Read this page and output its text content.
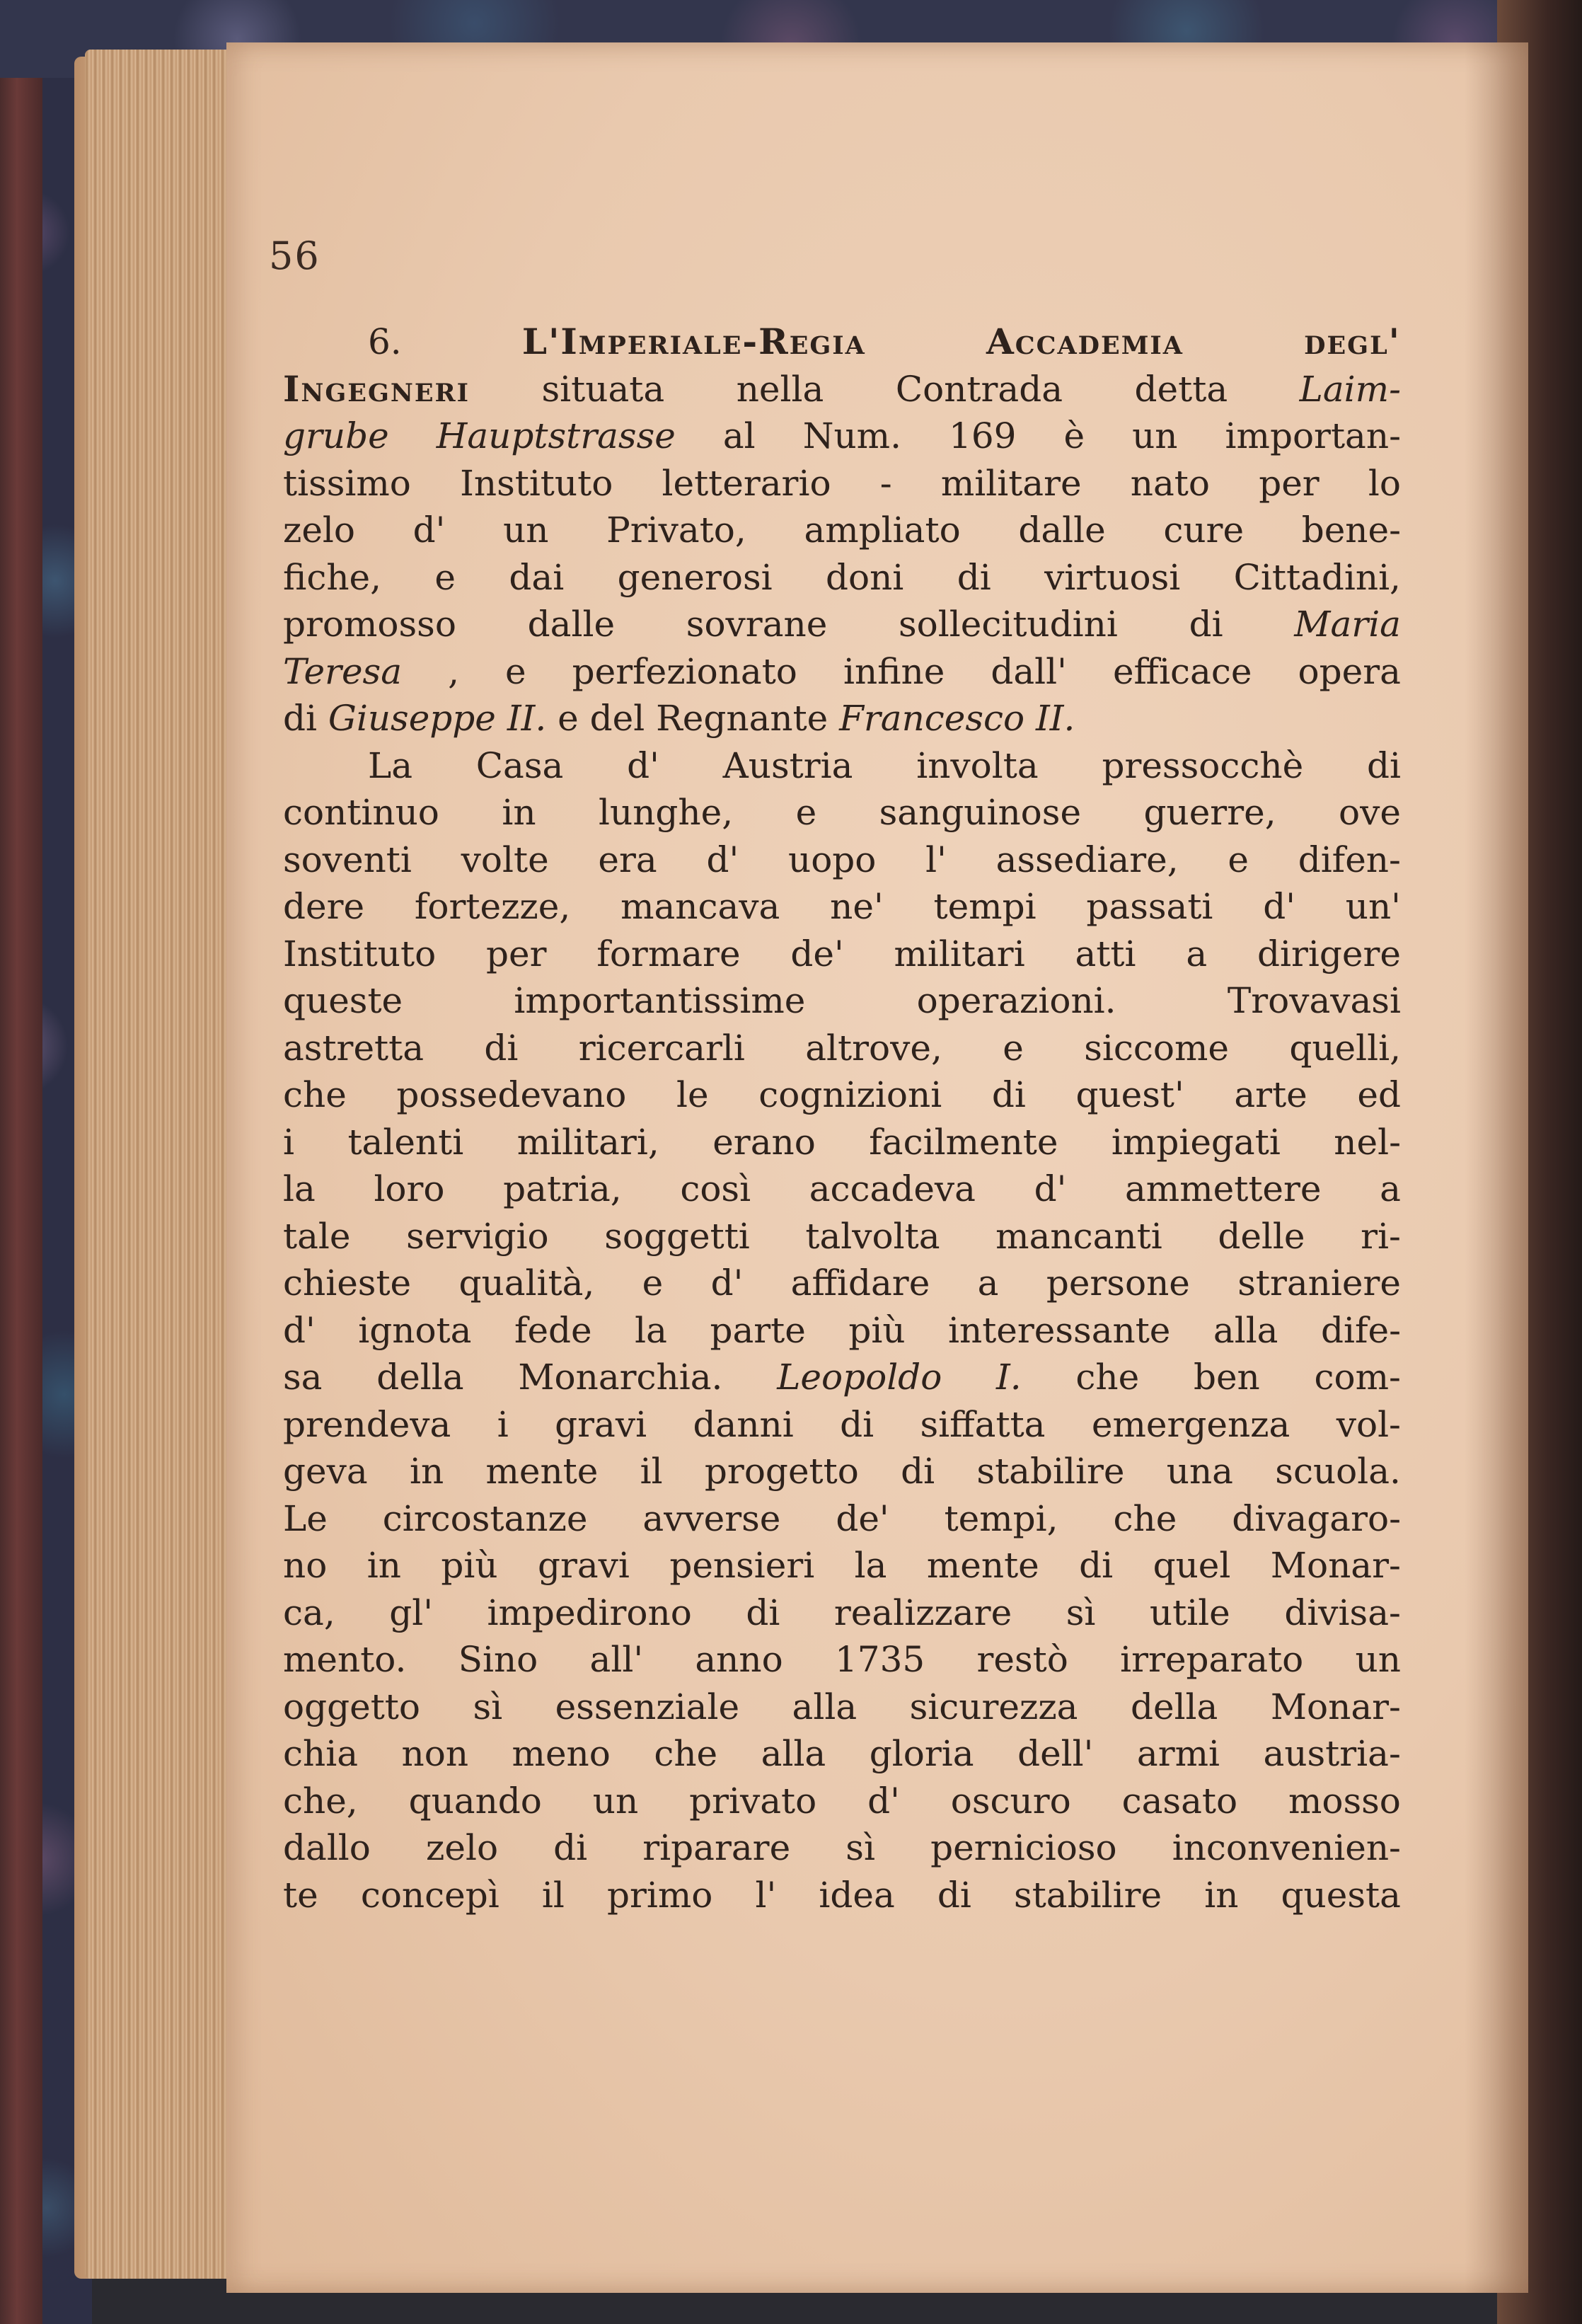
56
6.	L'Imperiale-Regia	Accademia	degl'
Ingegneri situata nella Contrada detta Laim-
grube Hauptstrasse al Num. 169 è un importan-
tissimo Instituto letterario - militare nato per lo
zelo d' un Privato, ampliato dalle cure bene-
fiche, e dai generosi doni di virtuosi Cittadini,
promosso dalle sovrane sollecitudini di Maria
Teresa , e perfezionato infine dall' efficace opera
di
Giuseppe
II.
e
del
Regnante
Francesco
II.
La Casa d' Austria involta pressocchè di
continuo in lunghe, e sanguinose guerre, ove
soventi volte era d' uopo l' assediare, e difen-
dere fortezze, mancava ne' tempi passati d' un'
Instituto per formare de' militari atti a dirigere
queste	importantissime	operazioni.	Trovavasi
astretta di ricercarli altrove, e siccome quelli,
che possedevano le cognizioni di quest' arte ed
i talenti militari, erano facilmente impiegati nel-
la loro patria, così accadeva d' ammettere a
tale servigio soggetti talvolta mancanti delle ri-
chieste qualità, e d' affidare a persone straniere
d' ignota fede la parte più interessante alla dife-
sa della Monarchia. Leopoldo I. che ben com-
prendeva i gravi danni di siffatta emergenza vol-
geva in mente il progetto di stabilire una scuola.
Le circostanze avverse de' tempi, che divagaro-
no in più gravi pensieri la mente di quel Monar-
ca, gl' impedirono di realizzare sì utile divisa-
mento. Sino all' anno 1735 restò irreparato un
oggetto sì essenziale alla sicurezza della Monar-
chia non meno che alla gloria dell' armi austria-
che, quando un privato d' oscuro casato mosso
dallo zelo di riparare sì pernicioso inconvenien-
te concepì il primo l' idea di stabilire in questa
